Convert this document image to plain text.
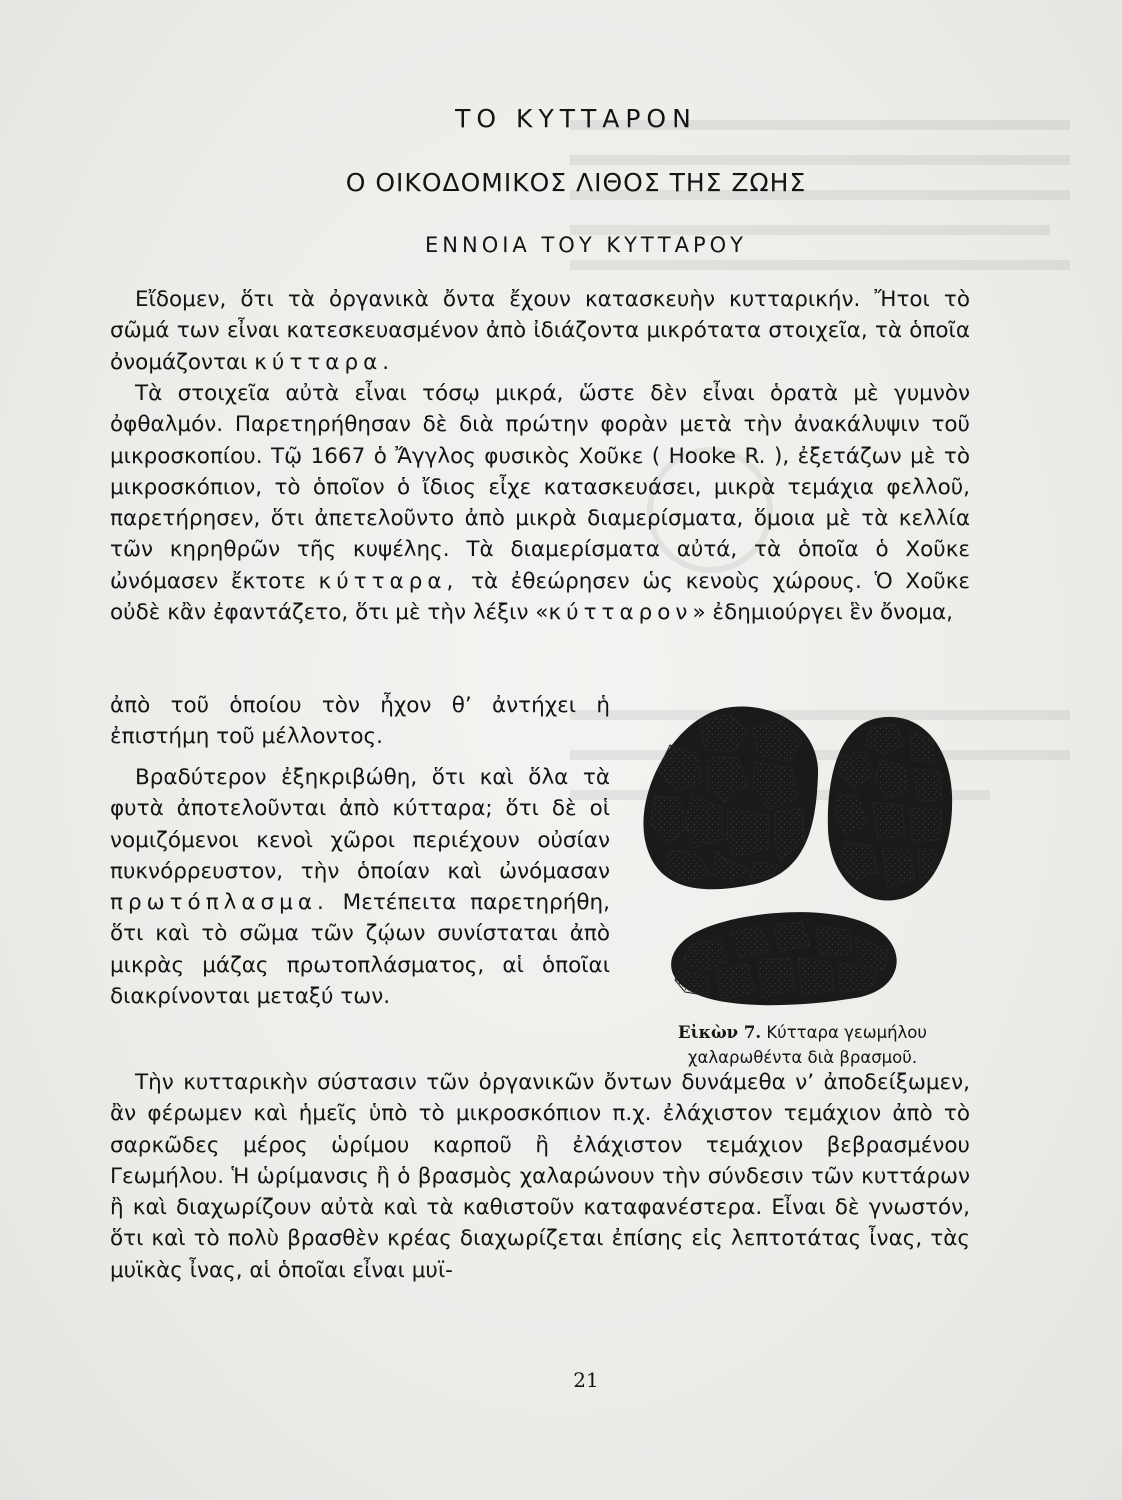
ΤΟ ΚΥΤΤΑΡΟΝ
Ο ΟΙΚΟΔΟΜΙΚΟΣ ΛΙΘΟΣ ΤΗΣ ΖΩΗΣ
ΕΝΝΟΙΑ ΤΟΥ ΚΥΤΤΑΡΟΥ

Εἴδομεν, ὅτι τὰ ὀργανικὰ ὄντα ἔχουν κατασκευὴν κυτταρικήν. Ἤτοι τὸ σῶμά των εἶναι κατεσκευασμένον ἀπὸ ἰδιάζοντα μικρότατα στοιχεῖα, τὰ ὁποῖα ὀνομάζονται κύτταρα.

Τὰ στοιχεῖα αὐτὰ εἶναι τόσῳ μικρά, ὥστε δὲν εἶναι ὁρατὰ μὲ γυμνὸν ὀφθαλμόν. Παρετηρήθησαν δὲ διὰ πρώτην φορὰν μετὰ τὴν ἀνακάλυψιν τοῦ μικροσκοπίου. Τῷ 1667 ὁ Ἄγγλος φυσικὸς Χοῦκε ( Hooke R. ), ἐξετάζων μὲ τὸ μικροσκόπιον, τὸ ὁποῖον ὁ ἴδιος εἶχε κατασκευάσει, μικρὰ τεμάχια φελλοῦ, παρετήρησεν, ὅτι ἀπετελοῦντο ἀπὸ μικρὰ διαμερίσματα, ὅμοια μὲ τὰ κελλία τῶν κηρηθρῶν τῆς κυψέλης. Τὰ διαμερίσματα αὐτά, τὰ ὁποῖα ὁ Χοῦκε ὠνόμασεν ἔκτοτε κύτταρα, τὰ ἐθεώρησεν ὡς κενοὺς χώρους. Ὁ Χοῦκε οὐδὲ κἂν ἐφαντάζετο, ὅτι μὲ τὴν λέξιν «κύτταρον» ἐδημιούργει ἓν ὄνομα,

ἀπὸ τοῦ ὁποίου τὸν ἦχον θ’ ἀντήχει ἡ ἐπιστήμη τοῦ μέλλοντος.

Βραδύτερον ἐξηκριβώθη, ὅτι καὶ ὅλα τὰ φυτὰ ἀποτελοῦνται ἀπὸ κύτταρα; ὅτι δὲ οἱ νομιζόμενοι κενοὶ χῶροι περιέχουν οὐσίαν πυκνόρρευστον, τὴν ὁποίαν καὶ ὠνόμασαν πρωτόπλασμα. Μετέπειτα παρετηρήθη, ὅτι καὶ τὸ σῶμα τῶν ζῴων συνίσταται ἀπὸ μικρὰς μάζας πρωτοπλάσματος, αἱ ὁποῖαι διακρίνονται μεταξύ των.

Εἰκὼν 7. Κύτταρα γεωμήλου χαλαρωθέντα διὰ βρασμοῦ.

Τὴν κυτταρικὴν σύστασιν τῶν ὀργανικῶν ὄντων δυνάμεθα ν’ ἀποδείξωμεν, ἂν φέρωμεν καὶ ἡμεῖς ὑπὸ τὸ μικροσκόπιον π.χ. ἐλάχιστον τεμάχιον ἀπὸ τὸ σαρκῶδες μέρος ὡρίμου καρποῦ ἢ ἐλάχιστον τεμάχιον βεβρασμένου Γεωμήλου. Ἡ ὡρίμανσις ἢ ὁ βρασμὸς χαλαρώνουν τὴν σύνδεσιν τῶν κυττάρων ἢ καὶ διαχωρίζουν αὐτὰ καὶ τὰ καθιστοῦν καταφανέστερα. Εἶναι δὲ γνωστόν, ὅτι καὶ τὸ πολὺ βρασθὲν κρέας διαχωρίζεται ἐπίσης εἰς λεπτοτάτας ἶνας, τὰς μυϊκὰς ἶνας, αἱ ὁποῖαι εἶναι μυϊ-

21
